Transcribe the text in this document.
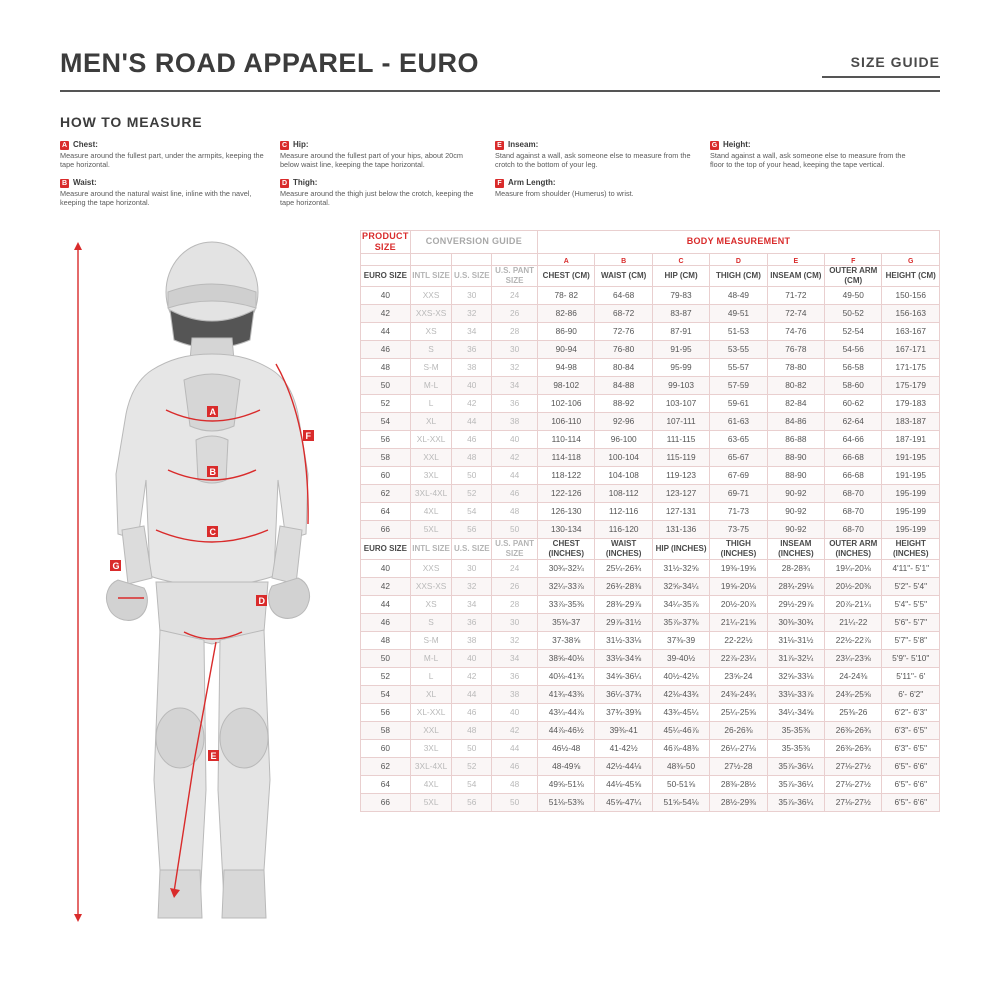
MEN'S ROAD APPAREL - EURO	SIZE GUIDE
HOW TO MEASURE
A Chest:
Measure around the fullest part, under the armpits, keeping the tape horizontal.
B Waist:
Measure around the natural waist line, inline with the navel, keeping the tape horizontal.
C Hip:
Measure around the fullest part of your hips, about 20cm below waist line, keeping the tape horizontal.
D Thigh:
Measure around the thigh just below the crotch, keeping the tape horizontal.
E Inseam:
Stand against a wall, ask someone else to measure from the crotch to the bottom of your leg.
F Arm Length:
Measure from shoulder (Humerus) to wrist.
G Height:
Stand against a wall, ask someone else to measure from the floor to the top of your head, keeping the tape vertical.
A
B
C
D
E
F
G
PRODUCT SIZE	CONVERSION GUIDE			BODY MEASUREMENT						
				A	B	C	D	E	F	G
EURO SIZE	INTL SIZE	U.S. SIZE	U.S. PANT SIZE	CHEST (CM)	WAIST (CM)	HIP (CM)	THIGH (CM)	INSEAM (CM)	OUTER ARM (CM)	HEIGHT (CM)
40	XXS	30	24	78- 82	64-68	79-83	48-49	71-72	49-50	150-156
42	XXS-XS	32	26	82-86	68-72	83-87	49-51	72-74	50-52	156-163
44	XS	34	28	86-90	72-76	87-91	51-53	74-76	52-54	163-167
46	S	36	30	90-94	76-80	91-95	53-55	76-78	54-56	167-171
48	S-M	38	32	94-98	80-84	95-99	55-57	78-80	56-58	171-175
50	M-L	40	34	98-102	84-88	99-103	57-59	80-82	58-60	175-179
52	L	42	36	102-106	88-92	103-107	59-61	82-84	60-62	179-183
54	XL	44	38	106-110	92-96	107-111	61-63	84-86	62-64	183-187
56	XL-XXL	46	40	110-114	96-100	111-115	63-65	86-88	64-66	187-191
58	XXL	48	42	114-118	100-104	115-119	65-67	88-90	66-68	191-195
60	3XL	50	44	118-122	104-108	119-123	67-69	88-90	66-68	191-195
62	3XL-4XL	52	46	122-126	108-112	123-127	69-71	90-92	68-70	195-199
64	4XL	54	48	126-130	112-116	127-131	71-73	90-92	68-70	195-199
66	5XL	56	50	130-134	116-120	131-136	73-75	90-92	68-70	195-199
EURO SIZE	INTL SIZE	U.S. SIZE	U.S. PANT SIZE	CHEST (INCHES)	WAIST (INCHES)	HIP (INCHES)	THIGH (INCHES)	INSEAM (INCHES)	OUTER ARM (INCHES)	HEIGHT (INCHES)
40	XXS	30	24	30¾-32¼	25¼-26¾	31½-32⅝	19⅜-19⅝	28-28¾	19¼-20⅛	4'11"- 5'1"
42	XXS-XS	32	26	32¼-33⅞	26¾-28⅜	32⅝-34¼	19⅝-20⅛	28¾-29⅛	20½-20⅜	5'2"- 5'4"
44	XS	34	28	33⅞-35⅜	28⅜-29⅞	34¼-35⅞	20½-20⅞	29½-29⅞	20⅞-21¼	5'4"- 5'5"
46	S	36	30	35⅜-37	29⅞-31½	35⅞-37⅜	21¼-21⅝	30⅜-30¾	21¼-22	5'6"- 5'7"
48	S-M	38	32	37-38⅝	31½-33⅛	37⅜-39	22-22½	31⅛-31½	22½-22⅞	5'7"- 5'8"
50	M-L	40	34	38⅝-40⅛	33⅛-34⅝	39-40½	22⅞-23¼	31⅞-32¼	23¼-23⅝	5'9"- 5'10"
52	L	42	36	40⅛-41¾	34⅝-36¼	40½-42⅛	23⅝-24	32⅝-33⅛	24-24⅜	5'11"- 6'
54	XL	44	38	41¾-43⅜	36¼-37¾	42⅛-43¾	24⅜-24¾	33⅛-33⅞	24¾-25⅝	6'- 6'2"
56	XL-XXL	46	40	43¼-44⅞	37¾-39⅜	43¾-45¼	25¼-25⅝	34¼-34⅝	25⅜-26	6'2"- 6'3"
58	XXL	48	42	44⅞-46½	39⅜-41	45¼-46⅞	26-26⅜	35-35⅜	26⅜-26¾	6'3"- 6'5"
60	3XL	50	44	46½-48	41-42½	46⅞-48⅜	26¼-27⅛	35-35⅜	26⅜-26¾	6'3"- 6'5"
62	3XL-4XL	52	46	48-49⅝	42½-44⅛	48⅜-50	27½-28	35⅞-36¼	27⅛-27½	6'5"- 6'6"
64	4XL	54	48	49⅝-51⅛	44⅛-45⅝	50-51⅝	28⅜-28½	35⅞-36¼	27⅛-27½	6'5"- 6'6"
66	5XL	56	50	51⅛-53⅜	45⅝-47¼	51⅝-54⅛	28½-29⅜	35⅞-36¼	27⅛-27½	6'5"- 6'6"
